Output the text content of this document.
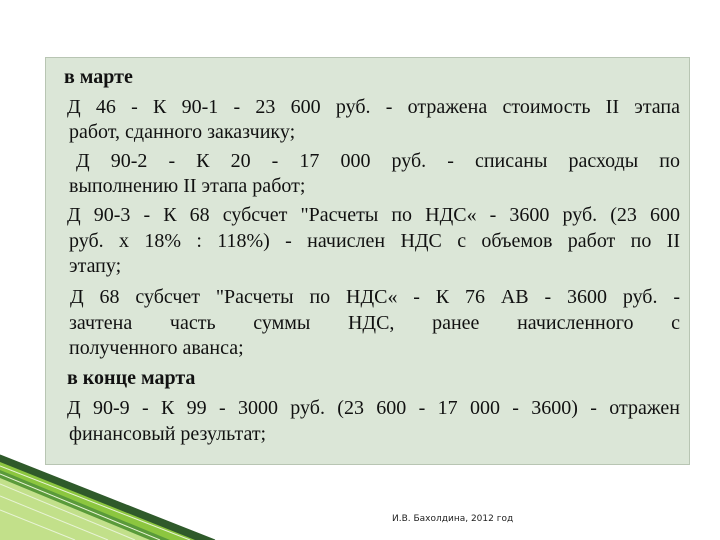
в марте
Д 46 - К 90-1 - 23 600 руб. - отражена стоимость II этапа
работ, сданного заказчику;
Д 90-2 - К 20 - 17 000 руб. - списаны расходы по
выполнению II этапа работ;
Д 90-3 - К 68 субсчет "Расчеты по НДС« - 3600 руб. (23 600
руб. х 18% : 118%) - начислен НДС с объемов работ по II
этапу;
Д 68 субсчет "Расчеты по НДС« - К 76 АВ - 3600 руб. -
зачтена часть суммы НДС, ранее начисленного с
полученного аванса;
в конце марта
Д 90-9 - К 99 - 3000 руб. (23 600 - 17 000 - 3600) - отражен
финансовый результат;
И.В. Бахолдина, 2012 год
